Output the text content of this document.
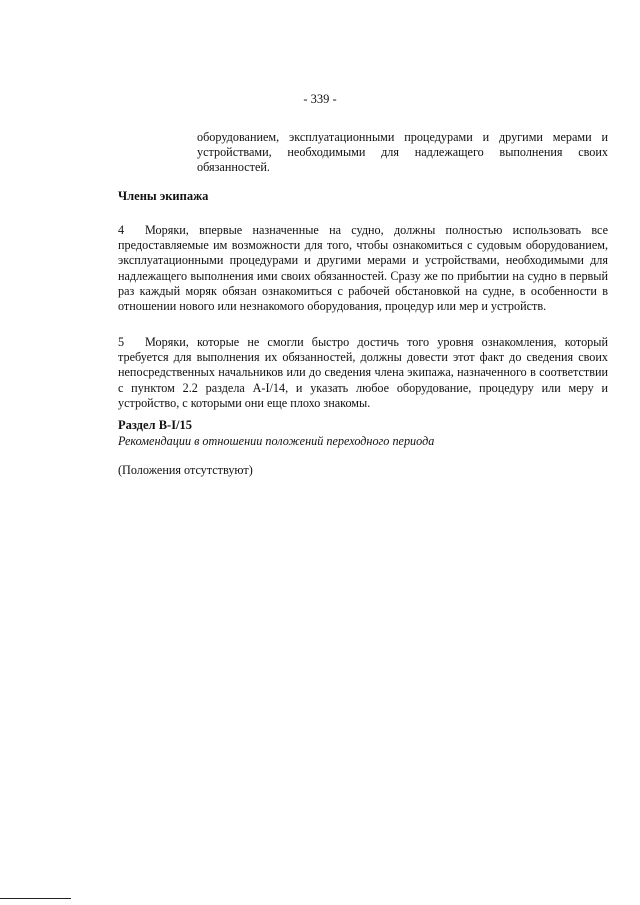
- 339 -
оборудованием, эксплуатационными процедурами и другими мерами и устройствами, необходимыми для надлежащего выполнения своих обязанностей.
Члены экипажа
4 Моряки, впервые назначенные на судно, должны полностью использовать все предоставляемые им возможности для того, чтобы ознакомиться с судовым оборудованием, эксплуатационными процедурами и другими мерами и устройствами, необходимыми для надлежащего выполнения ими своих обязанностей. Сразу же по прибытии на судно в первый раз каждый моряк обязан ознакомиться с рабочей обстановкой на судне, в особенности в отношении нового или незнакомого оборудования, процедур или мер и устройств.
5 Моряки, которые не смогли быстро достичь того уровня ознакомления, который требуется для выполнения их обязанностей, должны довести этот факт до сведения своих непосредственных начальников или до сведения члена экипажа, назначенного в соответствии с пунктом 2.2 раздела A-I/14, и указать любое оборудование, процедуру или меру и устройство, с которыми они еще плохо знакомы.
Раздел B-I/15
Рекомендации в отношении положений переходного периода
(Положения отсутствуют)
